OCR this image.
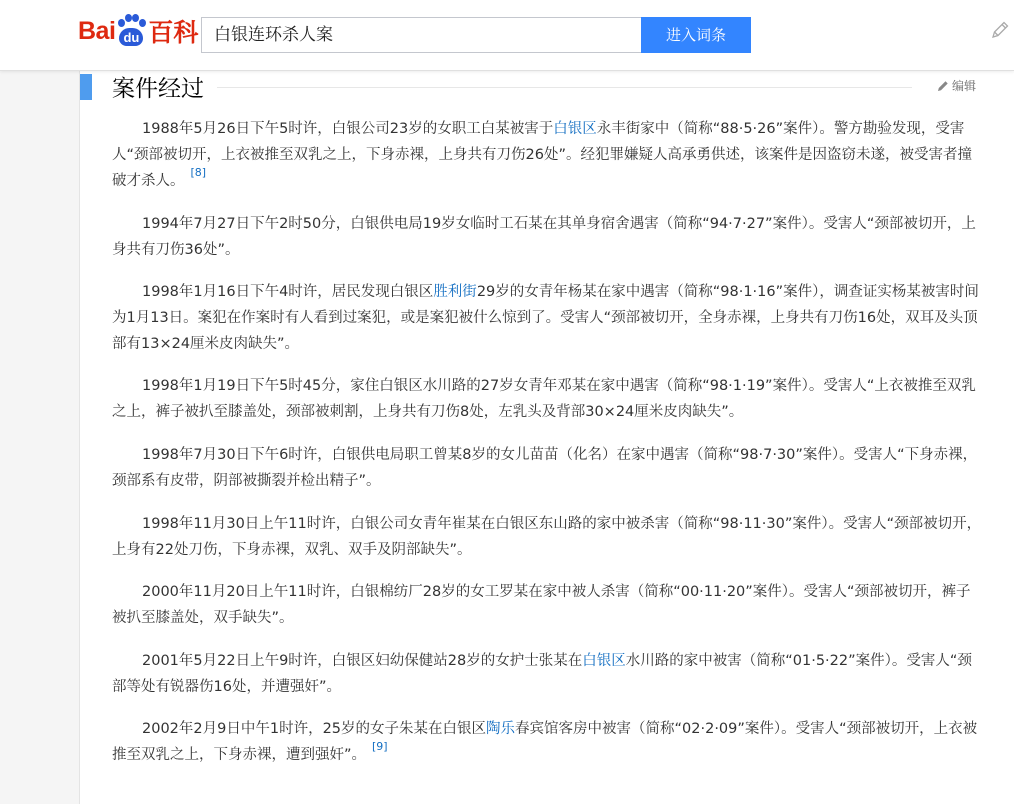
Bai du 百科 白银连环杀人案	进入词条
案件经过	编辑

1988年5月26日下午5时许，白银公司23岁的女职工白某被害于白银区永丰街家中（简称“88·5·26”案件）。警方勘验发现，受害人“颈部被切开，上衣被推至双乳之上，下身赤裸，上身共有刀伤26处”。经犯罪嫌疑人高承勇供述，该案件是因盗窃未遂，被受害者撞破才杀人。[8]

1994年7月27日下午2时50分，白银供电局19岁女临时工石某在其单身宿舍遇害（简称“94·7·27”案件）。受害人“颈部被切开，上身共有刀伤36处”。

1998年1月16日下午4时许，居民发现白银区胜利街29岁的女青年杨某在家中遇害（简称“98·1·16”案件），调查证实杨某被害时间为1月13日。案犯在作案时有人看到过案犯，或是案犯被什么惊到了。受害人“颈部被切开，全身赤裸，上身共有刀伤16处，双耳及头顶部有13×24厘米皮肉缺失”。

1998年1月19日下午5时45分，家住白银区水川路的27岁女青年邓某在家中遇害（简称“98·1·19”案件）。受害人“上衣被推至双乳之上，裤子被扒至膝盖处，颈部被刺割，上身共有刀伤8处，左乳头及背部30×24厘米皮肉缺失”。

1998年7月30日下午6时许，白银供电局职工曾某8岁的女儿苗苗（化名）在家中遇害（简称“98·7·30”案件）。受害人“下身赤裸，颈部系有皮带，阴部被撕裂并检出精子”。

1998年11月30日上午11时许，白银公司女青年崔某在白银区东山路的家中被杀害（简称“98·11·30”案件）。受害人“颈部被切开，上身有22处刀伤，下身赤裸，双乳、双手及阴部缺失”。

2000年11月20日上午11时许，白银棉纺厂28岁的女工罗某在家中被人杀害（简称“00·11·20”案件）。受害人“颈部被切开，裤子被扒至膝盖处，双手缺失”。

2001年5月22日上午9时许，白银区妇幼保健站28岁的女护士张某在白银区水川路的家中被害（简称“01·5·22”案件）。受害人“颈部等处有锐器伤16处，并遭强奸”。

2002年2月9日中午1时许，25岁的女子朱某在白银区陶乐春宾馆客房中被害（简称“02·2·09”案件）。受害人“颈部被切开，上衣被推至双乳之上，下身赤裸，遭到强奸”。[9]
